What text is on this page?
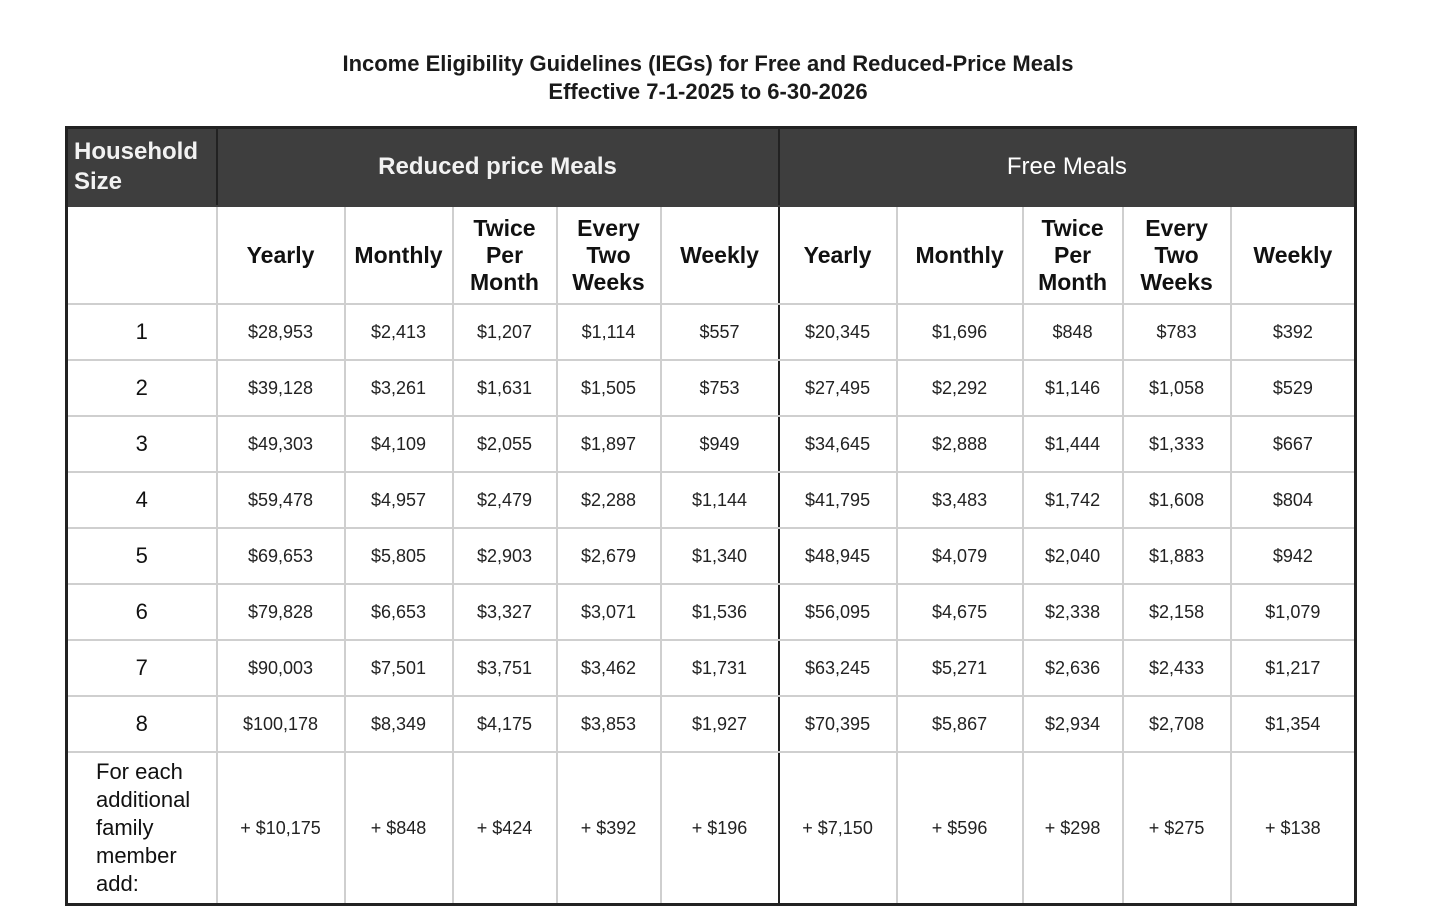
Income Eligibility Guidelines (IEGs) for Free and Reduced-Price Meals
Effective 7-1-2025 to 6-30-2026
Household
Size	Reduced price Meals					Free Meals				
	Yearly	Monthly	Twice
Per
Month	Every
Two
Weeks	Weekly	Yearly	Monthly	Twice
Per
Month	Every
Two
Weeks	Weekly
1	$28,953	$2,413	$1,207	$1,114	$557	$20,345	$1,696	$848	$783	$392
2	$39,128	$3,261	$1,631	$1,505	$753	$27,495	$2,292	$1,146	$1,058	$529
3	$49,303	$4,109	$2,055	$1,897	$949	$34,645	$2,888	$1,444	$1,333	$667
4	$59,478	$4,957	$2,479	$2,288	$1,144	$41,795	$3,483	$1,742	$1,608	$804
5	$69,653	$5,805	$2,903	$2,679	$1,340	$48,945	$4,079	$2,040	$1,883	$942
6	$79,828	$6,653	$3,327	$3,071	$1,536	$56,095	$4,675	$2,338	$2,158	$1,079
7	$90,003	$7,501	$3,751	$3,462	$1,731	$63,245	$5,271	$2,636	$2,433	$1,217
8	$100,178	$8,349	$4,175	$3,853	$1,927	$70,395	$5,867	$2,934	$2,708	$1,354
For each
additional
family
member
add:	+ $10,175	+ $848	+ $424	+ $392	+ $196	+ $7,150	+ $596	+ $298	+ $275	+ $138
